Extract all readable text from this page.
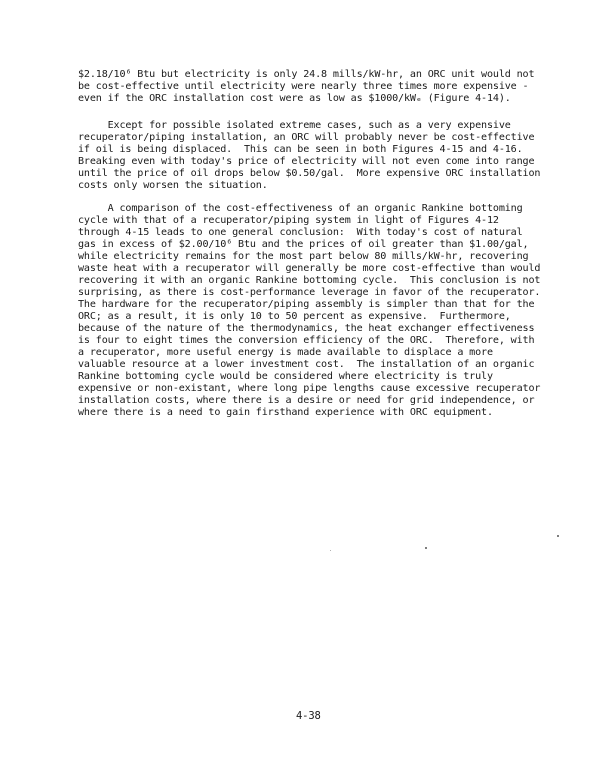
$2.18/10⁶ Btu but electricity is only 24.8 mills/kW-hr, an ORC unit would not
be cost-effective until electricity were nearly three times more expensive -
even if the ORC installation cost were as low as $1000/kWₑ (Figure 4-14).
Except for possible isolated extreme cases, such as a very expensive
recuperator/piping installation, an ORC will probably never be cost-effective
if oil is being displaced.  This can be seen in both Figures 4-15 and 4-16.
Breaking even with today's price of electricity will not even come into range
until the price of oil drops below $0.50/gal.  More expensive ORC installation
costs only worsen the situation.
A comparison of the cost-effectiveness of an organic Rankine bottoming
cycle with that of a recuperator/piping system in light of Figures 4-12
through 4-15 leads to one general conclusion:  With today's cost of natural
gas in excess of $2.00/10⁶ Btu and the prices of oil greater than $1.00/gal,
while electricity remains for the most part below 80 mills/kW-hr, recovering
waste heat with a recuperator will generally be more cost-effective than would
recovering it with an organic Rankine bottoming cycle.  This conclusion is not
surprising, as there is cost-performance leverage in favor of the recuperator.
The hardware for the recuperator/piping assembly is simpler than that for the
ORC; as a result, it is only 10 to 50 percent as expensive.  Furthermore,
because of the nature of the thermodynamics, the heat exchanger effectiveness
is four to eight times the conversion efficiency of the ORC.  Therefore, with
a recuperator, more useful energy is made available to displace a more
valuable resource at a lower investment cost.  The installation of an organic
Rankine bottoming cycle would be considered where electricity is truly
expensive or non-existant, where long pipe lengths cause excessive recuperator
installation costs, where there is a desire or need for grid independence, or
where there is a need to gain firsthand experience with ORC equipment.
4-38
